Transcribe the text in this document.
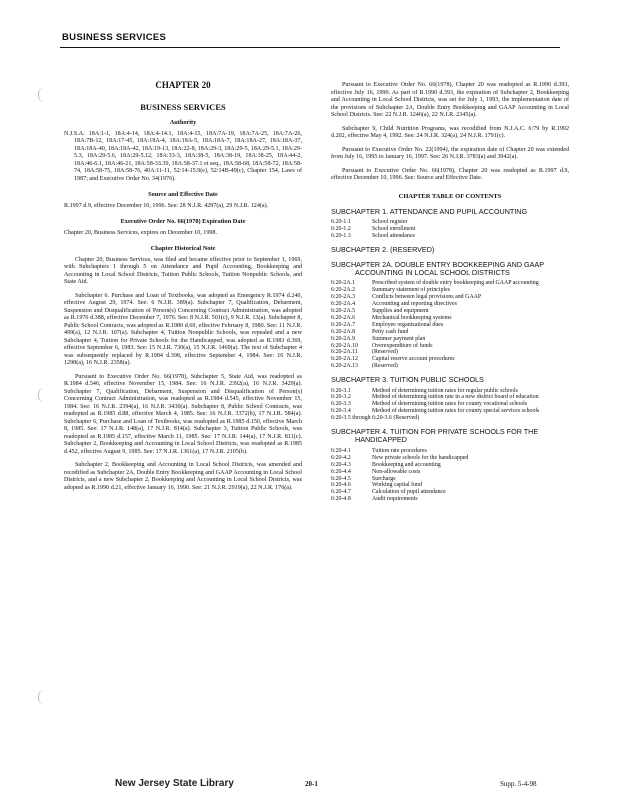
BUSINESS SERVICES
CHAPTER 20
BUSINESS SERVICES
Authority
N.J.S.A. 18A:1-1, 18A:4-14, 18A:4-14.1, 18A:4-15, 18A:7A-19, 18A:7A-25, 18A:7A-26, 18A:7B-12, 18A:17-45, 18A:18A-4, 18A:18A-5, 18A:18A-7, 18A:18A-27, 18A:18A-37, 18A:18A-40, 18A:18A-42, 18A:19-13, 18A:22-8, 18A:29-3, 18A:29-5, 18A:29-5.1, 18A:29-5.3, 18A:29-5.6, 18A:29-5.12, 18A:33-3, 18A:38-5, 18A:38-19, 18A:38-25, 18A:44-2, 18A:46-6.1, 18A:46-21, 18A:58-33.39, 18A:58-37.1 et seq., 18A:58-68, 18A:58-72, 18A:58-74, 18A:58-75, 18A:58-76, 40A:11-11, 52:14-15.9(e), 52:14B-49(c), Chapter 154, Laws of 1987; and Executive Order No. 34(1976).
Source and Effective Date

R.1997 d.9, effective December 10, 1996. See: 28 N.J.R. 4297(a), 29 N.J.R. 124(a).

Executive Order No. 66(1978) Expiration Date

Chapter 20, Business Services, expires on December 10, 1998.

Chapter Historical Note

Chapter 20, Business Services, was filed and became effective prior to September 1, 1969, with Subchapters 1 through 5 on Attendance and Pupil Accounting, Bookkeeping and Accounting in Local School Districts, Tuition Public Schools, Tuition Nonpublic Schools, and State Aid.

Subchapter 6. Purchase and Loan of Textbooks, was adopted as Emergency R.1974 d.240, effective August 29, 1974. See: 6 N.J.R. 389(a). Subchapter 7, Qualification, Debarment, Suspension and Disqualification of Person(s) Concerning Contract Administration, was adopted as R.1976 d.388, effective December 7, 1976. See: 8 N.J.R. 501(c), 9 N.J.R. 13(a). Subchapter 8, Public School Contracts, was adopted as R.1980 d.69, effective February 8, 1980. See: 11 N.J.R. 499(a), 12 N.J.R. 107(a). Subchapter 4, Tuition Nonpublic Schools, was repealed and a new Subchapter 4, Tuition for Private Schools for the Handicapped, was adopted as R.1983 d.369, effective September 6, 1983. See: 15 N.J.R. 730(a), 15 N.J.R. 1469(a). The text of Subchapter 4 was subsequently replaced by R.1984 d.398, effective September 4, 1984. See: 16 N.J.R. 1298(a), 16 N.J.R. 2358(a).

Pursuant to Executive Order No. 66(1978), Subchapter 5, State Aid, was readopted as R.1984 d.546, effective November 15, 1984. See: 16 N.J.R. 2392(a), 16 N.J.R. 3429(a). Subchapter 7, Qualification, Debarment, Suspension and Disqualification of Person(s) Concerning Contract Administration, was readopted as R.1984 d.545, effective November 15, 1984. See: 16 N.J.R. 2394(a), 16 N.J.R. 3430(a). Subchapter 8, Public School Contracts, was readopted as R.1985 d.88, effective March 4, 1985. See: 16 N.J.R. 3372(b), 17 N.J.R. 584(a). Subchapter 6, Purchase and Loan of Textbooks, was readopted as R.1985 d.150, effective March 8, 1985. See: 17 N.J.R. 148(a), 17 N.J.R. 814(a). Subchapter 3, Tuition Public Schools, was readopted as R.1985 d.157, effective March 11, 1985. See: 17 N.J.R. 144(a), 17 N.J.R. 811(c). Subchapter 2, Bookkeeping and Accounting in Local School Districts, was readopted as R.1985 d.452, effective August 9, 1985. See: 17 N.J.R. 1361(a), 17 N.J.R. 2105(b).

Subchapter 2, Bookkeeping and Accounting in Local School Districts, was amended and recodified as Subchapter 2A, Double Entry Bookkeeping and GAAP Accounting in Local School Districts, and a new Subchapter 2, Bookkeeping and Accounting in Local School Districts, was adopted as R.1990 d.21, effective January 16, 1990. See: 21 N.J.R. 2919(a), 22 N.J.R. 176(a).

Pursuant to Executive Order No. 66(1978), Chapter 20 was readopted as R.1990 d.393, effective July 16, 1990. As part of R.1990 d.393, the expiration of Subchapter 2, Bookkeeping and Accounting in Local School Districts, was set for July 1, 1993, the implementation date of the provisions of Subchapter 2A, Double Entry Bookkeeping and GAAP Accounting in Local School Districts. See: 22 N.J.R. 1246(a), 22 N.J.R. 2345(a).

Subchapter 9, Child Nutrition Programs, was recodified from N.J.A.C. 6:79 by R.1992 d.202, effective May 4, 1992. See: 24 N.J.R. 324(a), 24 N.J.R. 1791(c).

Pursuant to Executive Order No. 22(1994), the expiration date of Chapter 20 was extended from July 16, 1995 to January 16, 1997. See: 26 N.J.R. 3783(a) and 3942(a).

Pursuant to Executive Order No. 66(1978), Chapter 20 was readopted as R.1997 d.9, effective December 10, 1996. See: Source and Effective Date.

CHAPTER TABLE OF CONTENTS
SUBCHAPTER 1. ATTENDANCE AND PUPIL ACCOUNTING
6:20-1.1	School register
6:20-1.2	School enrollment
6:20-1.3	School attendance
SUBCHAPTER 2. (RESERVED)
SUBCHAPTER 2A. DOUBLE ENTRY BOOKKEEPING AND GAAP ACCOUNTING IN LOCAL SCHOOL DISTRICTS
6:20-2A.1	Prescribed system of double entry bookkeeping and GAAP accounting
6:20-2A.2	Summary statement of principles
6:20-2A.3	Conflicts between legal provisions and GAAP
6:20-2A.4	Accounting and reporting directives
6:20-2A.5	Supplies and equipment
6:20-2A.6	Mechanical bookkeeping systems
6:20-2A.7	Employee organizational dues
6:20-2A.8	Petty cash fund
6:20-2A.9	Summer payment plan
6:20-2A.10	Overexpenditure of funds
6:20-2A.11	(Reserved)
6:20-2A.12	Capital reserve account procedures
6:20-2A.13	(Reserved)
SUBCHAPTER 3. TUITION PUBLIC SCHOOLS
6:20-3.1	Method of determining tuition rates for regular public schools
6:20-3.2	Method of determining tuition rate in a new district board of education
6:20-3.3	Method of determining tuition rates for county vocational schools
6:20-3.4	Method of determining tuition rates for county special services schools
6:20-3.5 through 6:20-3.6 (Reserved)
SUBCHAPTER 4. TUITION FOR PRIVATE SCHOOLS FOR THE HANDICAPPED
6:20-4.1	Tuition rate procedures
6:20-4.2	New private schools for the handicapped
6:20-4.3	Bookkeeping and accounting
6:20-4.4	Non-allowable costs
6:20-4.5	Surcharge
6:20-4.6	Working capital fund
6:20-4.7	Calculation of pupil attendance
6:20-4.8	Audit requirements
New Jersey State Library	20-1	Supp. 5-4-98
